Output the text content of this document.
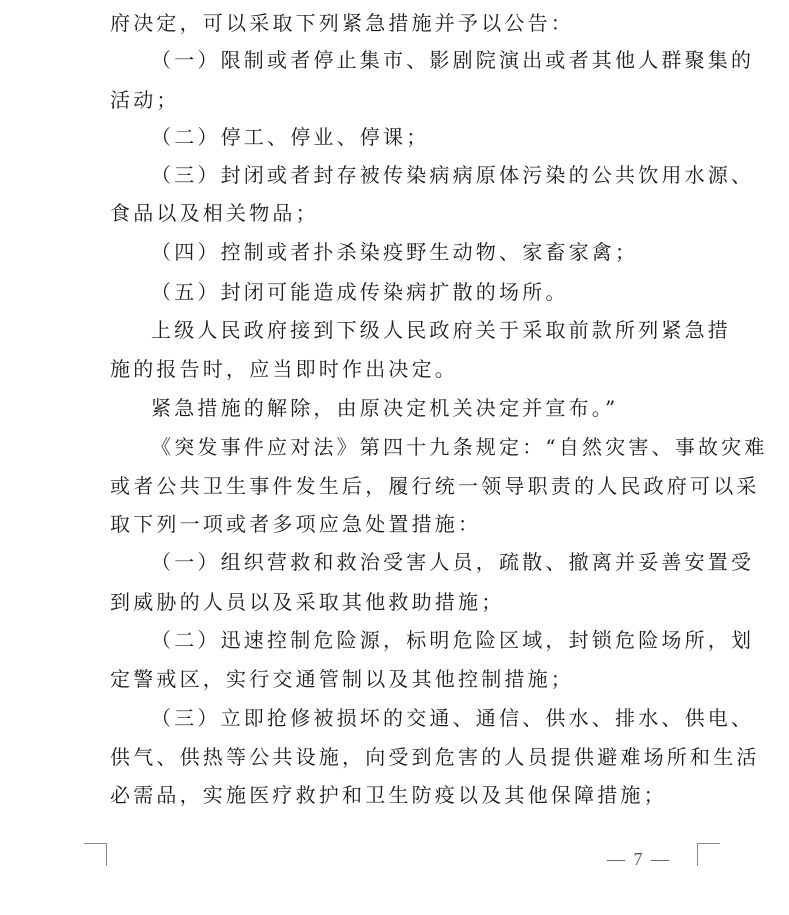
府决定，可以采取下列紧急措施并予以公告：
（一）限制或者停止集市、影剧院演出或者其他人群聚集的
活动；
（二）停工、停业、停课；
（三）封闭或者封存被传染病病原体污染的公共饮用水源、
食品以及相关物品；
（四）控制或者扑杀染疫野生动物、家畜家禽；
（五）封闭可能造成传染病扩散的场所。
上级人民政府接到下级人民政府关于采取前款所列紧急措
施的报告时，应当即时作出决定。
紧急措施的解除，由原决定机关决定并宣布。”
《突发事件应对法》第四十九条规定：“自然灾害、事故灾难
或者公共卫生事件发生后，履行统一领导职责的人民政府可以采
取下列一项或者多项应急处置措施：
（一）组织营救和救治受害人员，疏散、撤离并妥善安置受
到威胁的人员以及采取其他救助措施；
（二）迅速控制危险源，标明危险区域，封锁危险场所，划
定警戒区，实行交通管制以及其他控制措施；
（三）立即抢修被损坏的交通、通信、供水、排水、供电、
供气、供热等公共设施，向受到危害的人员提供避难场所和生活
必需品，实施医疗救护和卫生防疫以及其他保障措施；
— 7 —
